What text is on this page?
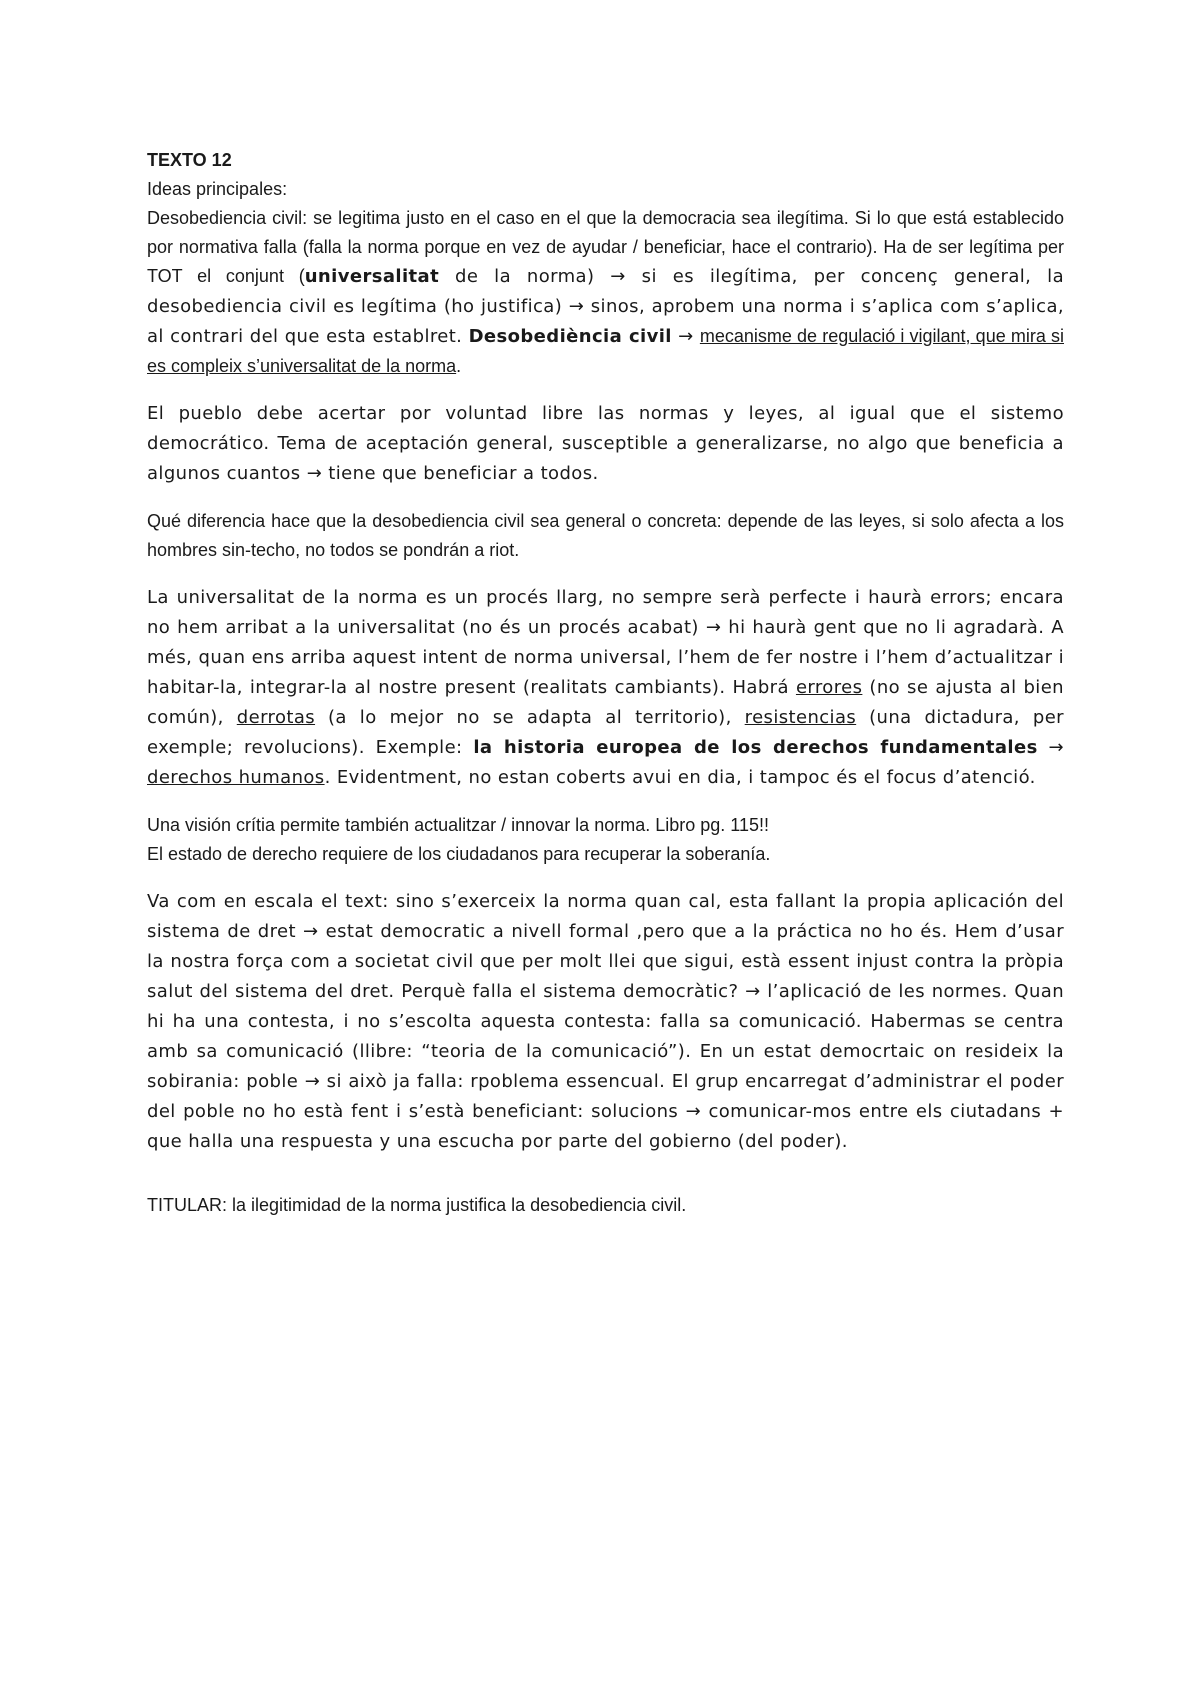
TEXTO 12

Ideas principales:

Desobediencia civil: se legitima justo en el caso en el que la democracia sea ilegítima. Si lo que está establecido por normativa falla (falla la norma porque en vez de ayudar / beneficiar, hace el contrario). Ha de ser legítima per TOT el conjunt (universalitat de la norma) → si es ilegítima, per concenç general, la desobediencia civil es legítima (ho justifica) → sinos, aprobem una norma i s’aplica com s’aplica, al contrari del que esta establret. Desobediència civil → mecanisme de regulació i vigilant, que mira si es compleix s’universalitat de la norma.

El pueblo debe acertar por voluntad libre las normas y leyes, al igual que el sistemo democrático. Tema de aceptación general, susceptible a generalizarse, no algo que beneficia a algunos cuantos → tiene que beneficiar a todos.

Qué diferencia hace que la desobediencia civil sea general o concreta: depende de las leyes, si solo afecta a los hombres sin-techo, no todos se pondrán a riot.

La universalitat de la norma es un procés llarg, no sempre serà perfecte i haurà errors; encara no hem arribat a la universalitat (no és un procés acabat) → hi haurà gent que no li agradarà. A més, quan ens arriba aquest intent de norma universal, l’hem de fer nostre i l’hem d’actualitzar i habitar-la, integrar-la al nostre present (realitats cambiants). Habrá errores (no se ajusta al bien común), derrotas (a lo mejor no se adapta al territorio), resistencias (una dictadura, per exemple; revolucions). Exemple: la historia europea de los derechos fundamentales → derechos humanos. Evidentment, no estan coberts avui en dia, i tampoc és el focus d’atenció.

Una visión crítia permite también actualitzar / innovar la norma. Libro pg. 115!!

El estado de derecho requiere de los ciudadanos para recuperar la soberanía.

Va com en escala el text: sino s’exerceix la norma quan cal, esta fallant la propia aplicación del sistema de dret → estat democratic a nivell formal ,pero que a la práctica no ho és. Hem d’usar la nostra força com a societat civil que per molt llei que sigui, està essent injust contra la pròpia salut del sistema del dret. Perquè falla el sistema democràtic? → l’aplicació de les normes. Quan hi ha una contesta, i no s’escolta aquesta contesta: falla sa comunicació. Habermas se centra amb sa comunicació (llibre: “teoria de la comunicació”). En un estat democrtaic on resideix la sobirania: poble → si això ja falla: rpoblema essencual. El grup encarregat d’administrar el poder del poble no ho està fent i s’està beneficiant: solucions → comunicar-mos entre els ciutadans + que halla una respuesta y una escucha por parte del gobierno (del poder).

TITULAR: la ilegitimidad de la norma justifica la desobediencia civil.
